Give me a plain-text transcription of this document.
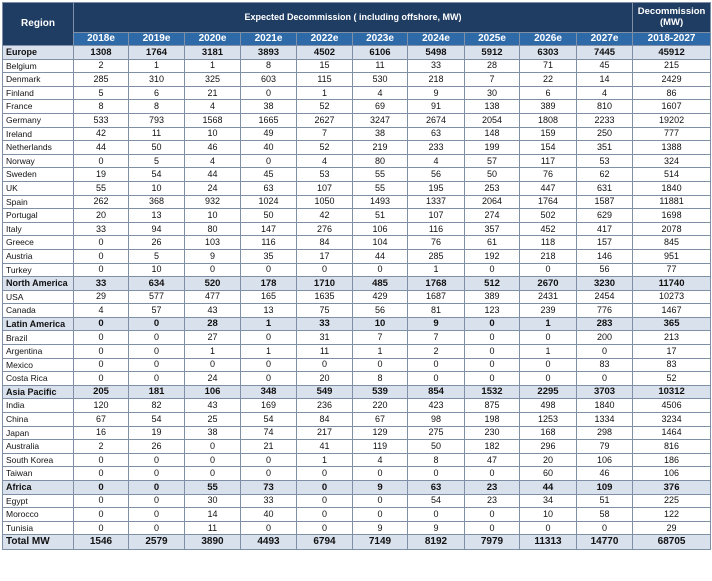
Region	Expected Decommission ( including offshore, MW)										Decommission
(MW)
	2018e	2019e	2020e	2021e	2022e	2023e	2024e	2025e	2026e	2027e	2018-2027
Europe	1308	1764	3181	3893	4502	6106	5498	5912	6303	7445	45912
Belgium	2	1	1	8	15	11	33	28	71	45	215
Denmark	285	310	325	603	115	530	218	7	22	14	2429
Finland	5	6	21	0	1	4	9	30	6	4	86
France	8	8	4	38	52	69	91	138	389	810	1607
Germany	533	793	1568	1665	2627	3247	2674	2054	1808	2233	19202
Ireland	42	11	10	49	7	38	63	148	159	250	777
Netherlands	44	50	46	40	52	219	233	199	154	351	1388
Norway	0	5	4	0	4	80	4	57	117	53	324
Sweden	19	54	44	45	53	55	56	50	76	62	514
UK	55	10	24	63	107	55	195	253	447	631	1840
Spain	262	368	932	1024	1050	1493	1337	2064	1764	1587	11881
Portugal	20	13	10	50	42	51	107	274	502	629	1698
Italy	33	94	80	147	276	106	116	357	452	417	2078
Greece	0	26	103	116	84	104	76	61	118	157	845
Austria	0	5	9	35	17	44	285	192	218	146	951
Turkey	0	10	0	0	0	0	1	0	0	56	77
North America	33	634	520	178	1710	485	1768	512	2670	3230	11740
USA	29	577	477	165	1635	429	1687	389	2431	2454	10273
Canada	4	57	43	13	75	56	81	123	239	776	1467
Latin America	0	0	28	1	33	10	9	0	1	283	365
Brazil	0	0	27	0	31	7	7	0	0	200	213
Argentina	0	0	1	1	11	1	2	0	1	0	17
Mexico	0	0	0	0	0	0	0	0	0	83	83
Costa Rica	0	0	24	0	20	8	0	0	0	0	52
Asia Pacific	205	181	106	348	549	539	854	1532	2295	3703	10312
India	120	82	43	169	236	220	423	875	498	1840	4506
China	67	54	25	54	84	67	98	198	1253	1334	3234
Japan	16	19	38	74	217	129	275	230	168	298	1464
Australia	2	26	0	21	41	119	50	182	296	79	816
South Korea	0	0	0	0	1	4	8	47	20	106	186
Taiwan	0	0	0	0	0	0	0	0	60	46	106
Africa	0	0	55	73	0	9	63	23	44	109	376
Egypt	0	0	30	33	0	0	54	23	34	51	225
Morocco	0	0	14	40	0	0	0	0	10	58	122
Tunisia	0	0	11	0	0	9	9	0	0	0	29
Total MW	1546	2579	3890	4493	6794	7149	8192	7979	11313	14770	68705
